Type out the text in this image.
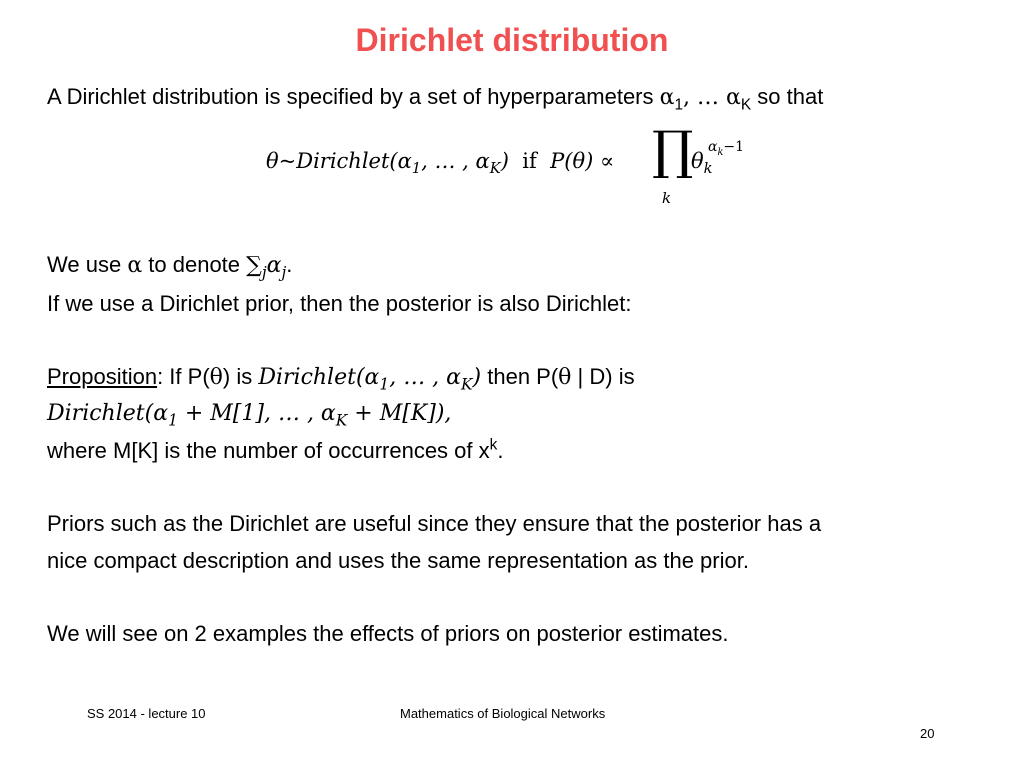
Dirichlet distribution
A Dirichlet distribution is specified by a set of hyperparameters $\alpha_1$, … $\alpha_K$ so that
$\theta\sim Dirichlet(\alpha_1$, … , $\alpha_K$) if P(θ) ∝ ∏
k
$\theta_k$
$\alpha_k-1$
We use α to denote $\sum_j\alpha_j$.
If we use a Dirichlet prior, then the posterior is also Dirichlet:
Proposition: If P(θ) is $Dirichlet(\alpha_1$, … , $\alpha_K$) then P(θ | D) is
$Dirichlet(\alpha_1 + M[1]$, … , $\alpha_K + M[K]$),
where M[K] is the number of occurrences of $x^k$.
Priors such as the Dirichlet are useful since they ensure that the posterior has a
nice compact description and uses the same representation as the prior.
We will see on 2 examples the effects of priors on posterior estimates.
SS 2014 - lecture 10	Mathematics of Biological Networks
20
